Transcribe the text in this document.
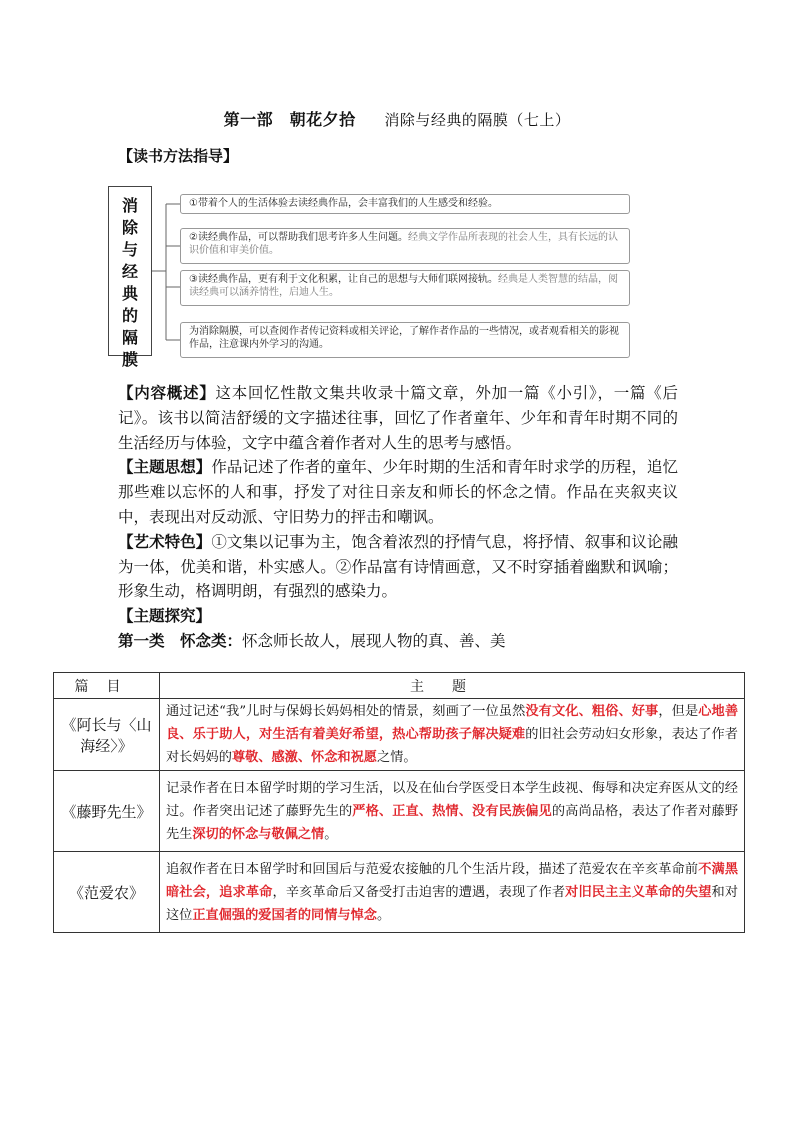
第一部　朝花夕拾 　 消除与经典的隔膜（七上）
【读书方法指导】
消
除
与
经
典
的
隔
膜
①带着个人的生活体验去读经典作品，会丰富我们的人生感受和经验。
②读经典作品，可以帮助我们思考许多人生问题。经典文学作品所表现的社会人生，具有长远的认识价值和审美价值。
③读经典作品，更有利于文化积累，让自己的思想与大师们联网接轨。经典是人类智慧的结晶，阅读经典可以涵养情性，启迪人生。
为消除隔膜，可以查阅作者传记资料或相关评论，了解作者作品的一些情况，或者观看相关的影视作品，注意课内外学习的沟通。

【内容概述】这本回忆性散文集共收录十篇文章，外加一篇《小引》，一篇《后记》。该书以简洁舒缓的文字描述往事，回忆了作者童年、少年和青年时期不同的生活经历与体验，文字中蕴含着作者对人生的思考与感悟。

【主题思想】作品记述了作者的童年、少年时期的生活和青年时求学的历程，追忆那些难以忘怀的人和事，抒发了对往日亲友和师长的怀念之情。作品在夹叙夹议中，表现出对反动派、守旧势力的抨击和嘲讽。

【艺术特色】①文集以记事为主，饱含着浓烈的抒情气息，将抒情、叙事和议论融为一体，优美和谐，朴实感人。②作品富有诗情画意，又不时穿插着幽默和讽喻；形象生动，格调明朗，有强烈的感染力。

【主题探究】

第一类　怀念类：怀念师长故人，展现人物的真、善、美

篇目	主题
《阿长与〈山海经〉》	通过记述“我”儿时与保姆长妈妈相处的情景，刻画了一位虽然没有文化、粗俗、好事，但是心地善良、乐于助人，对生活有着美好希望，热心帮助孩子解决疑难的旧社会劳动妇女形象，表达了作者对长妈妈的尊敬、感激、怀念和祝愿之情。
《藤野先生》	记录作者在日本留学时期的学习生活，以及在仙台学医受日本学生歧视、侮辱和决定弃医从文的经过。作者突出记述了藤野先生的严格、正直、热情、没有民族偏见的高尚品格，表达了作者对藤野先生深切的怀念与敬佩之情。
《范爱农》	追叙作者在日本留学时和回国后与范爱农接触的几个生活片段，描述了范爱农在辛亥革命前不满黑暗社会，追求革命，辛亥革命后又备受打击迫害的遭遇，表现了作者对旧民主主义革命的失望和对这位正直倔强的爱国者的同情与悼念。
